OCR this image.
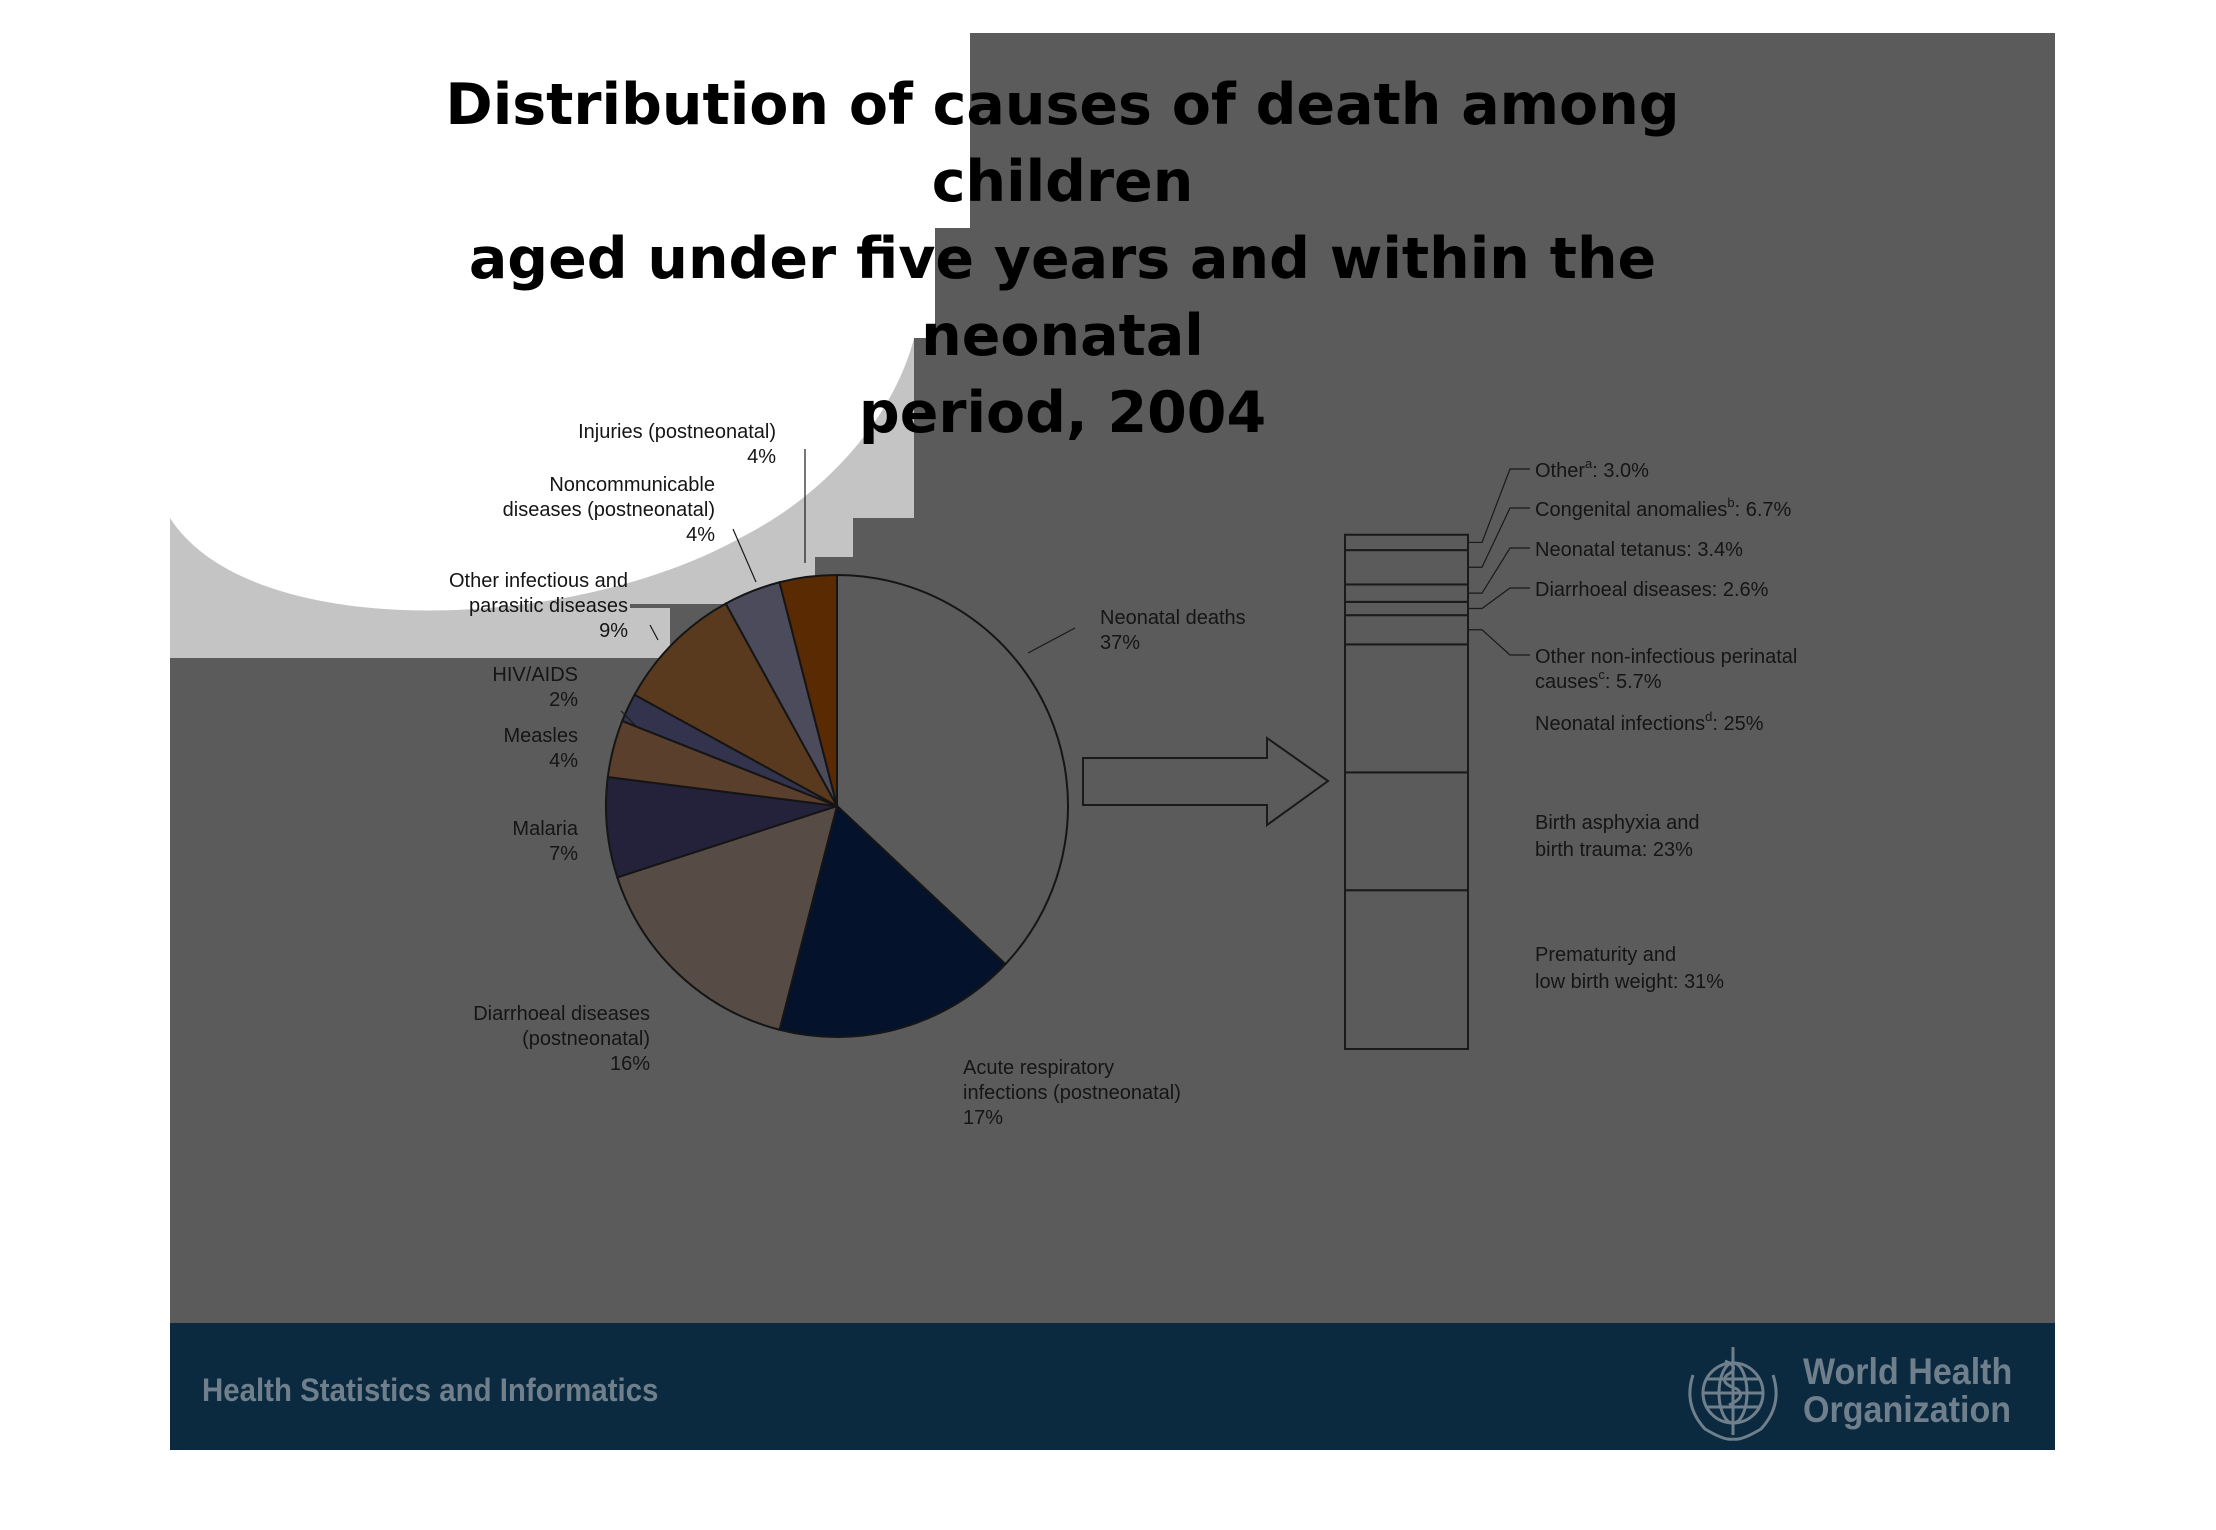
Distribution of causes of death among children
aged under five years and within the neonatal
period, 2004
Neonatal deaths 37%
Acute respiratory infections (postneonatal) 17%
Diarrhoeal diseases (postneonatal) 16%
Malaria 7%
Measles 4%
HIV/AIDS 2%
Other infectious and parasitic diseases 9%
Noncommunicable diseases (postneonatal) 4%
Injuries (postneonatal) 4%
Prematurity and low birth weight: 31%
Birth asphyxia and birth trauma: 23%
Neonatal infections$^d$: 25%
Other non-infectious perinatal causes$^c$: 5.7%
Diarrhoeal diseases: 2.6%
Neonatal tetanus: 3.4%
Congenital anomalies$^b$: 6.7%
Other$^a$: 3.0%
Health Statistics and Informatics	World Health
Organization
